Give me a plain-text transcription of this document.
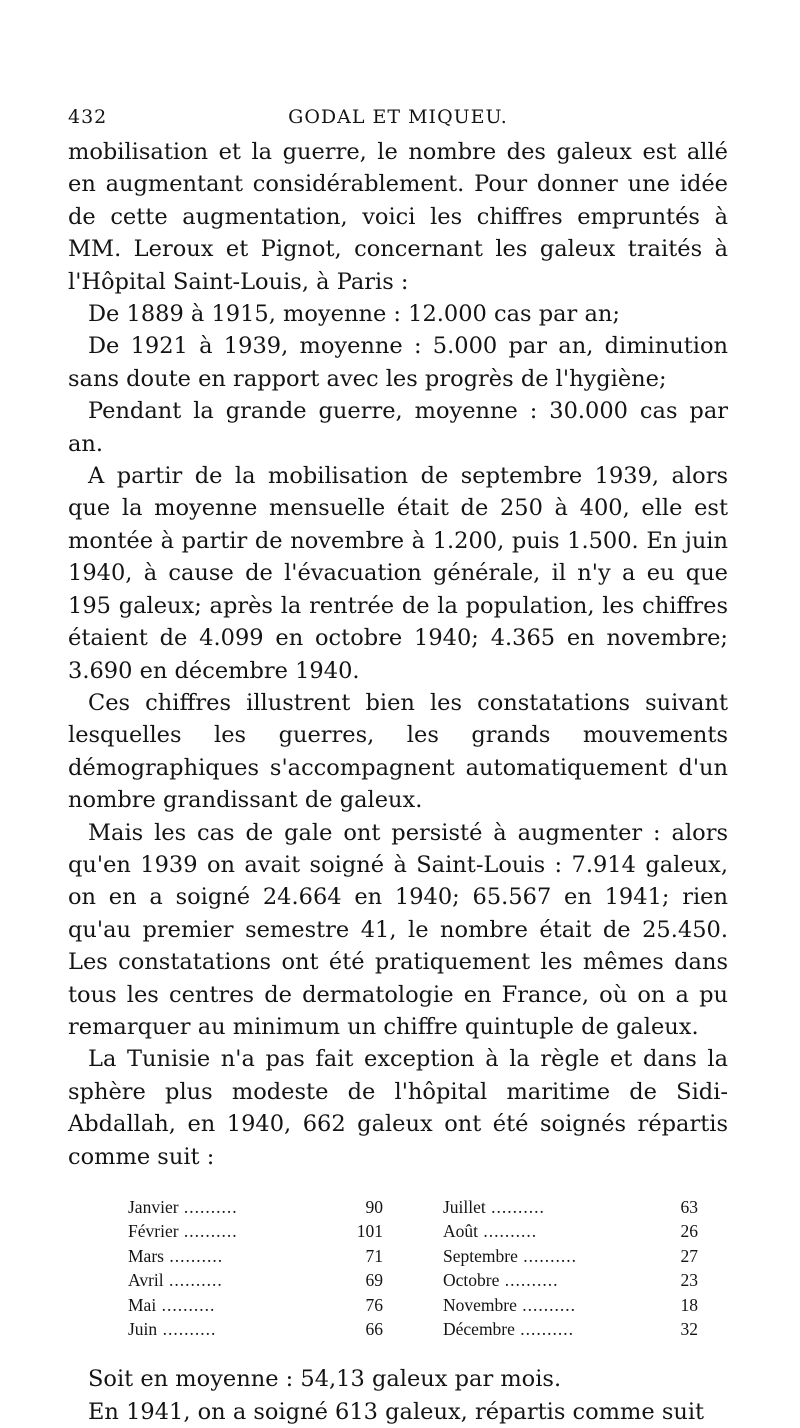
432	GODAL ET MIQUEU.

mobilisation et la guerre, le nombre des galeux est allé en augmentant considérablement. Pour donner une idée de cette augmentation, voici les chiffres empruntés à MM. Leroux et Pignot, concernant les galeux traités à l'Hôpital Saint-Louis, à Paris :

De 1889 à 1915, moyenne : 12.000 cas par an;

De 1921 à 1939, moyenne : 5.000 par an, diminution sans doute en rapport avec les progrès de l'hygiène;

Pendant la grande guerre, moyenne : 30.000 cas par an.

A partir de la mobilisation de septembre 1939, alors que la moyenne mensuelle était de 250 à 400, elle est montée à partir de novembre à 1.200, puis 1.500. En juin 1940, à cause de l'évacuation générale, il n'y a eu que 195 galeux; après la rentrée de la population, les chiffres étaient de 4.099 en octobre 1940; 4.365 en novembre; 3.690 en décembre 1940.

Ces chiffres illustrent bien les constatations suivant lesquelles les guerres, les grands mouvements démographiques s'accompagnent automatiquement d'un nombre grandissant de galeux.

Mais les cas de gale ont persisté à augmenter : alors qu'en 1939 on avait soigné à Saint-Louis : 7.914 galeux, on en a soigné 24.664 en 1940; 65.567 en 1941; rien qu'au premier semestre 41, le nombre était de 25.450. Les constatations ont été pratiquement les mêmes dans tous les centres de dermatologie en France, où on a pu remarquer au minimum un chiffre quintuple de galeux.

La Tunisie n'a pas fait exception à la règle et dans la sphère plus modeste de l'hôpital maritime de Sidi-Abdallah, en 1940, 662 galeux ont été soignés répartis comme suit :

Janvier .....	90
Février .....	101
Mars .....	71
Avril .....	69
Mai .....	76
Juin .....	66
Juillet .....	63
Août .....	26
Septembre .....	27
Octobre .....	23
Novembre .....	18
Décembre .....	32

Soit en moyenne : 54,13 galeux par mois.

En 1941, on a soigné 613 galeux, répartis comme suit
